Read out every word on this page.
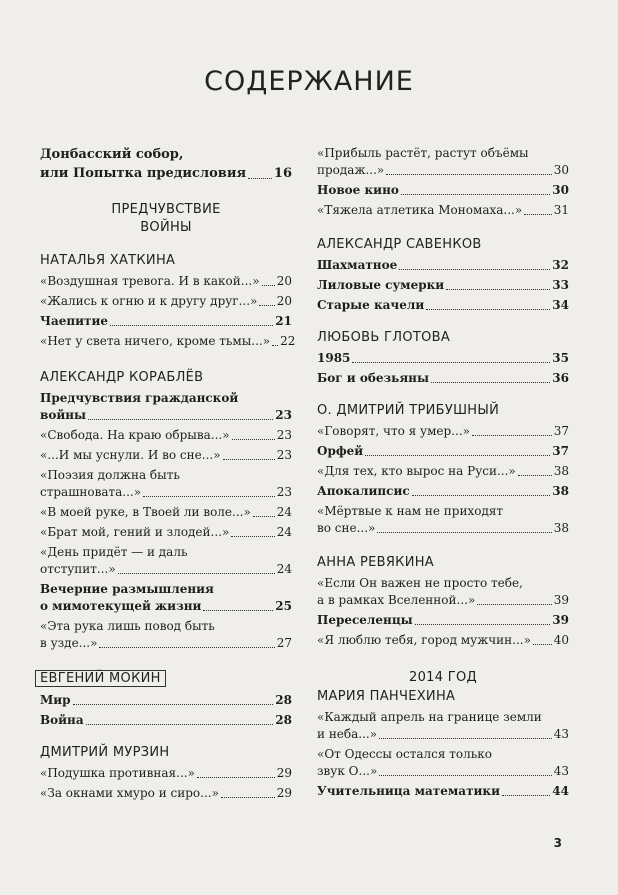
СОДЕРЖАНИЕ
Донбасский собор,
или Попытка предисловия 16
ПРЕДЧУВСТВИЕ
ВОЙНЫ
НАТАЛЬЯ ХАТКИНА
«Воздушная тревога. И в какой...» 20
«Жались к огню и к другу друг...» 20
Чаепитие	21
«Нет у света ничего, кроме тьмы...» 22
АЛЕКСАНДР КОРАБЛЁВ
Предчувствия гражданской
войны	23
«Свобода. На краю обрыва...»	23
«...И мы уснули. И во сне...»	23
«Поэзия должна быть
страшновата...»	23
«В моей руке, в Твоей ли воле...» 24
«Брат мой, гений и злодей...»	24
«День придёт — и даль
отступит...»	24
Вечерние размышления
о мимотекущей жизни	25
«Эта рука лишь повод быть
в узде...»	27
ЕВГЕНИЙ МОКИН
Мир	28
Война	28
ДМИТРИЙ МУРЗИН
«Подушка противная...»	29
«За окнами хмуро и сиро...»	29
«Прибыль растёт, растут объёмы
продаж...»	30
Новое кино	30
«Тяжела атлетика Мономаха...»	31
АЛЕКСАНДР САВЕНКОВ
Шахматное	32
Лиловые сумерки	33
Старые качели	34
ЛЮБОВЬ ГЛОТОВА
1985	35
Бог и обезьяны	36
О. ДМИТРИЙ ТРИБУШНЫЙ
«Говорят, что я умер...»	37
Орфей	37
«Для тех, кто вырос на Руси...»	38
Апокалипсис	38
«Мёртвые к нам не приходят
во сне...»	38
АННА РЕВЯКИНА
«Если Он важен не просто тебе,
а в рамках Вселенной...»	39
Переселенцы	39
«Я люблю тебя, город мужчин...» 40
2014 ГОД
МАРИЯ ПАНЧЕХИНА
«Каждый апрель на границе земли
и неба...»	43
«От Одессы остался только
звук О...»	43
Учительница математики	44
3
